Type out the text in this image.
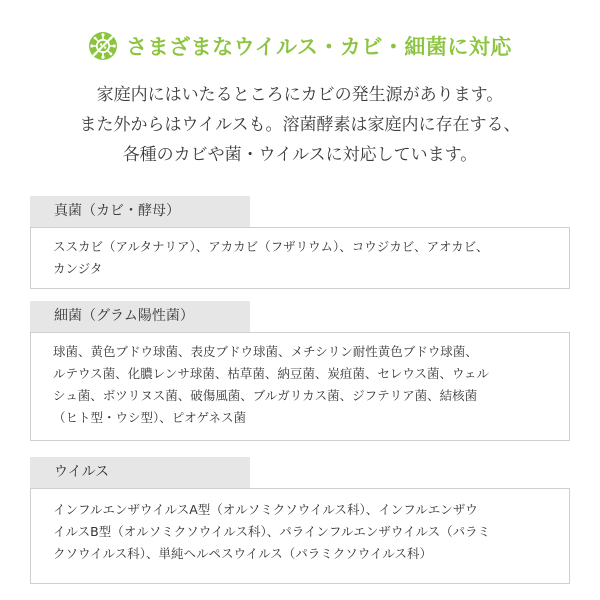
さまざまなウイルス・カビ・細菌に対応
家庭内にはいたるところにカビの発生源があります。
また外からはウイルスも。溶菌酵素は家庭内に存在する、
各種のカビや菌・ウイルスに対応しています。
真菌（カビ・酵母）
ススカビ（アルタナリア）、アカカビ（フザリウム）、コウジカビ、アオカビ、
カンジタ
細菌（グラム陽性菌）
球菌、黄色ブドウ球菌、表皮ブドウ球菌、メチシリン耐性黄色ブドウ球菌、
ルテウス菌、化膿レンサ球菌、枯草菌、納豆菌、炭疽菌、セレウス菌、ウェル
シュ菌、ボツリヌス菌、破傷風菌、ブルガリカス菌、ジフテリア菌、結核菌
（ヒト型・ウシ型）、ピオゲネス菌
ウイルス
インフルエンザウイルスA型（オルソミクソウイルス科）、インフルエンザウ
イルスB型（オルソミクソウイルス科）、パラインフルエンザウイルス（パラミ
クソウイルス科）、単純ヘルペスウイルス（パラミクソウイルス科）
